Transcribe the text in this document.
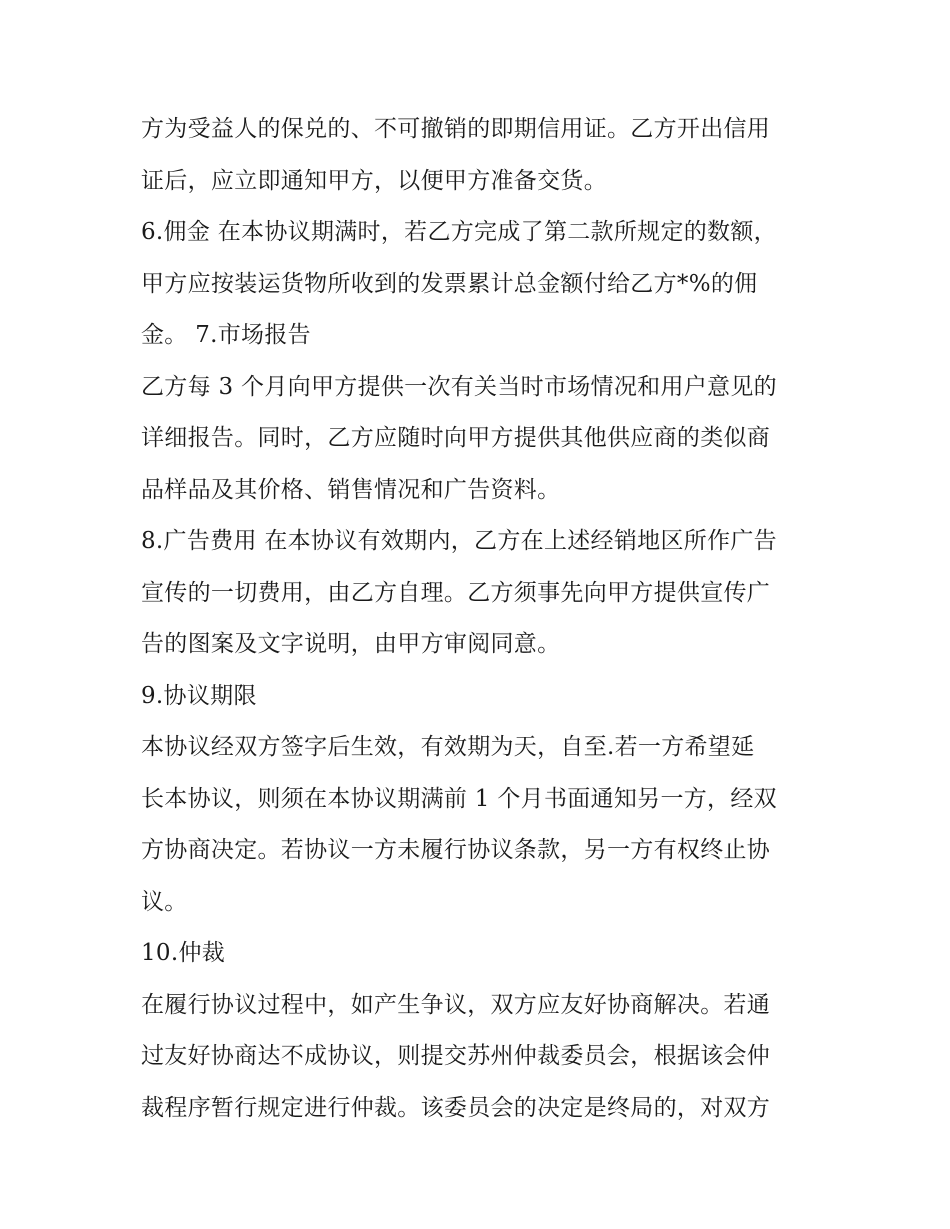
方为受益人的保兑的、不可撤销的即期信用证。乙方开出信用
证后，应立即通知甲方，以便甲方准备交货。
6.佣金 在本协议期满时，若乙方完成了第二款所规定的数额，
甲方应按装运货物所收到的发票累计总金额付给乙方*%的佣
金。 7.市场报告
乙方每 3 个月向甲方提供一次有关当时市场情况和用户意见的
详细报告。同时，乙方应随时向甲方提供其他供应商的类似商
品样品及其价格、销售情况和广告资料。
8.广告费用 在本协议有效期内，乙方在上述经销地区所作广告
宣传的一切费用，由乙方自理。乙方须事先向甲方提供宣传广
告的图案及文字说明，由甲方审阅同意。
9.协议期限
本协议经双方签字后生效，有效期为天，自至.若一方希望延
长本协议，则须在本协议期满前 1 个月书面通知另一方，经双
方协商决定。若协议一方未履行协议条款，另一方有权终止协
议。
10.仲裁
在履行协议过程中，如产生争议，双方应友好协商解决。若通
过友好协商达不成协议，则提交苏州仲裁委员会，根据该会仲
裁程序暂行规定进行仲裁。该委员会的决定是终局的，对双方
